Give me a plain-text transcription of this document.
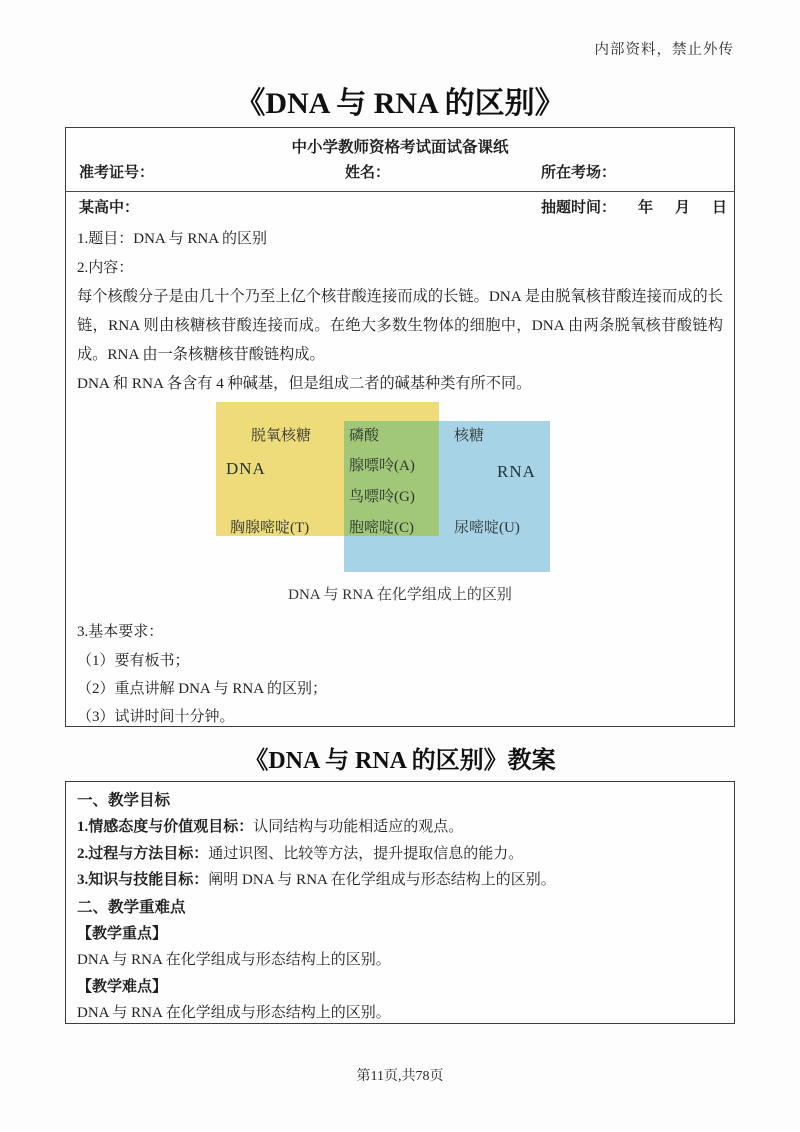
内部资料，禁止外传
《DNA 与 RNA 的区别》
中小学教师资格考试面试备课纸
准考证号：	姓名：	所在考场：
某高中：	抽题时间： 年 月 日
1.题目：DNA 与 RNA 的区别
2.内容：

每个核酸分子是由几十个乃至上亿个核苷酸连接而成的长链。DNA 是由脱氧核苷酸连接而成的长链，RNA 则由核糖核苷酸连接而成。在绝大多数生物体的细胞中，DNA 由两条脱氧核苷酸链构成。RNA 由一条核糖核苷酸链构成。

DNA 和 RNA 各含有 4 种碱基，但是组成二者的碱基种类有所不同。

脱氧核糖	磷酸	核糖
DNA	腺嘌呤(A)	RNA
鸟嘌呤(G)
胸腺嘧啶(T)	胞嘧啶(C)	尿嘧啶(U)
DNA 与 RNA 在化学组成上的区别
3.基本要求：
（1）要有板书；
（2）重点讲解 DNA 与 RNA 的区别；
（3）试讲时间十分钟。
《DNA 与 RNA 的区别》教案
一、教学目标
1.情感态度与价值观目标：认同结构与功能相适应的观点。
2.过程与方法目标：通过识图、比较等方法，提升提取信息的能力。
3.知识与技能目标：阐明 DNA 与 RNA 在化学组成与形态结构上的区别。
二、教学重难点
【教学重点】
DNA 与 RNA 在化学组成与形态结构上的区别。
【教学难点】
DNA 与 RNA 在化学组成与形态结构上的区别。
第11页,共78页
